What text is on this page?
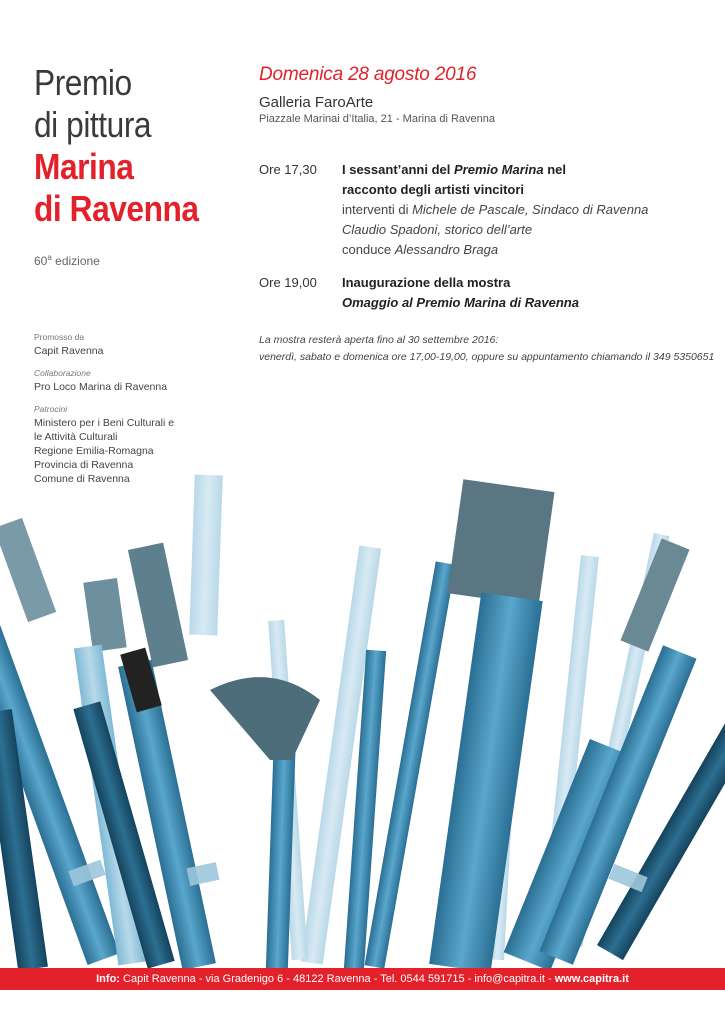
Premio
di pittura
Marina
di Ravenna
60$^a$ edizione
Promosso da
Capit Ravenna
Collaborazione
Pro Loco Marina di Ravenna
Patrocini
Ministero per i Beni Culturali e
le Attività Culturali
Regione Emilia-Romagna
Provincia di Ravenna
Comune di Ravenna
Domenica 28 agosto 2016
Galleria FaroArte
Piazzale Marinai d’Italia, 21 - Marina di Ravenna
Ore 17,30 I sessant’anni del Premio Marina nel
racconto degli artisti vincitori
interventi di Michele de Pascale, Sindaco di Ravenna
Claudio Spadoni, storico dell’arte
conduce Alessandro Braga
Ore 19,00 Inaugurazione della mostra
Omaggio al Premio Marina di Ravenna
La mostra resterà aperta fino al 30 settembre 2016:
venerdì, sabato e domenica ore 17,00-19,00, oppure su appuntamento chiamando il 349 5350651
Info: Capit Ravenna - via Gradenigo 6 - 48122 Ravenna - Tel. 0544 591715 - info@capitra.it - www.capitra.it
